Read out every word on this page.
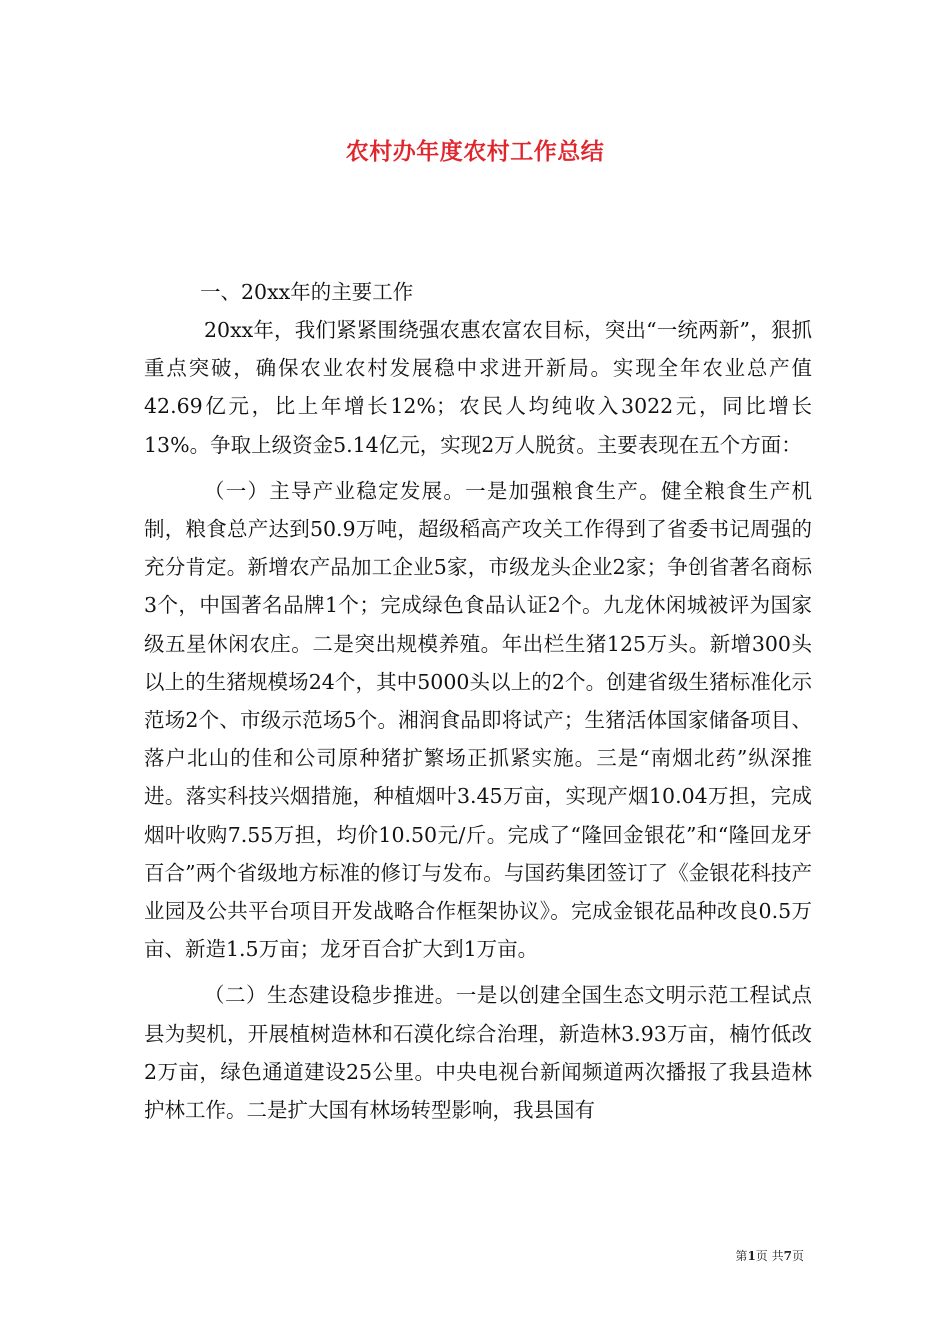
农村办年度农村工作总结

一、20xx年的主要工作

20xx年，我们紧紧围绕强农惠农富农目标，突出“一统两新”，狠抓重点突破，确保农业农村发展稳中求进开新局。实现全年农业总产值42.69亿元，比上年增长12%；农民人均纯收入3022元，同比增长13%。争取上级资金5.14亿元，实现2万人脱贫。主要表现在五个方面：

（一）主导产业稳定发展。一是加强粮食生产。健全粮食生产机制，粮食总产达到50.9万吨，超级稻高产攻关工作得到了省委书记周强的充分肯定。新增农产品加工企业5家，市级龙头企业2家；争创省著名商标3个，中国著名品牌1个；完成绿色食品认证2个。九龙休闲城被评为国家级五星休闲农庄。二是突出规模养殖。年出栏生猪125万头。新增300头以上的生猪规模场24个，其中5000头以上的2个。创建省级生猪标准化示范场2个、市级示范场5个。湘润食品即将试产；生猪活体国家储备项目、落户北山的佳和公司原种猪扩繁场正抓紧实施。三是“南烟北药”纵深推进。落实科技兴烟措施，种植烟叶3.45万亩，实现产烟10.04万担，完成烟叶收购7.55万担，均价10.50元/斤。完成了“隆回金银花”和“隆回龙牙百合”两个省级地方标准的修订与发布。与国药集团签订了《金银花科技产业园及公共平台项目开发战略合作框架协议》。完成金银花品种改良0.5万亩、新造1.5万亩；龙牙百合扩大到1万亩。

（二）生态建设稳步推进。一是以创建全国生态文明示范工程试点县为契机，开展植树造林和石漠化综合治理，新造林3.93万亩，楠竹低改2万亩，绿色通道建设25公里。中央电视台新闻频道两次播报了我县造林护林工作。二是扩大国有林场转型影响，我县国有

第1页 共7页
